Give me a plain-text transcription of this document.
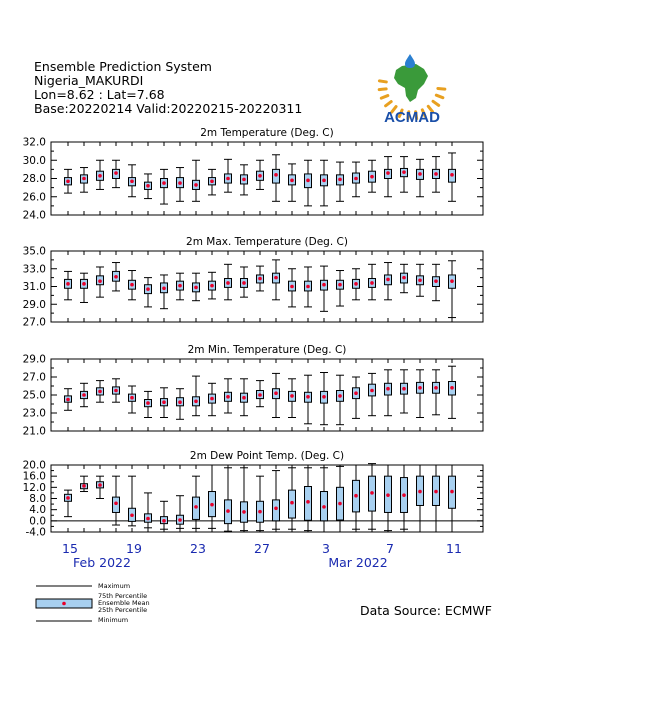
Ensemble Prediction System
Nigeria_MAKURDI
Lon=8.62 : Lat=7.68
Base:20220214 Valid:20220215-20220311
ACMAD
2m Temperature (Deg. C)
24.0
26.0
28.0
30.0
32.0
2m Max. Temperature (Deg. C)
27.0
29.0
31.0
33.0
35.0
2m Min. Temperature (Deg. C)
21.0
23.0
25.0
27.0
29.0
2m Dew Point Temp. (Deg. C)
-4.0
0.0
4.0
8.0
12.0
16.0
20.0
15	19	23	27	3	7	11
Feb 2022	Mar 2022
Maximum
75th Percentile
Ensemble Mean
25th Percentile
Minimum
Data Source: ECMWF
